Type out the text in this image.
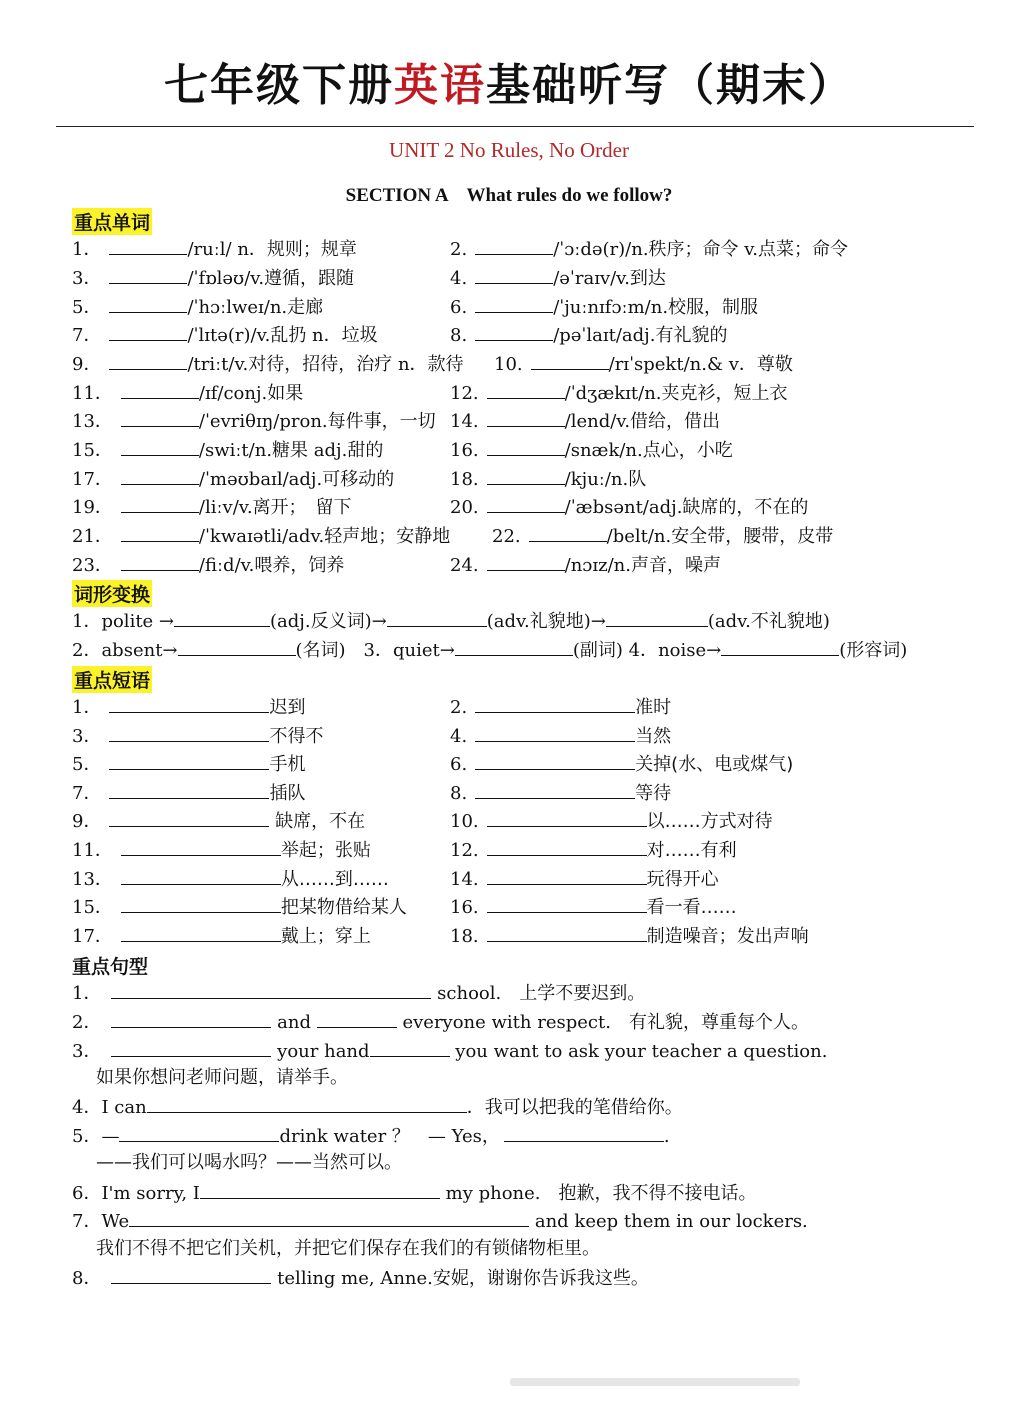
七年级下册英语基础听写（期末）
UNIT 2 No Rules, No Order
SECTION A　What rules do we follow?
重点单词
1．	/ruːl/ n．规则；规章	2.	/ˈɔːdə(r)/n.秩序；命令 v.点菜；命令
3．	/ˈfɒləʊ/v.遵循，跟随	4.	/əˈraɪv/v.到达
5．	/ˈhɔːlweɪ/n.走廊	6.	/ˈjuːnɪfɔːm/n.校服，制服
7．	/ˈlɪtə(r)/v.乱扔 n．垃圾	8.	/pəˈlaɪt/adj.有礼貌的
9．	/triːt/v.对待，招待，治疗 n．款待 10.	/rɪˈspekt/n.& v．尊敬
11．	/ɪf/conj.如果	12.	/ˈdʒækɪt/n.夹克衫，短上衣
13．	/ˈevriθɪŋ/pron.每件事，一切 14.	/lend/v.借给，借出
15．	/swiːt/n.糖果 adj.甜的	16.	/snæk/n.点心，小吃
17．	/ˈməʊbaɪl/adj.可移动的	18.	/kjuː/n.队
19．	/liːv/v.离开；　留下	20.	/ˈæbsənt/adj.缺席的，不在的
21．	/ˈkwaɪətli/adv.轻声地；安静地 22.	/belt/n.安全带，腰带，皮带
23．	/fiːd/v.喂养，饲养	24.	/nɔɪz/n.声音，噪声
词形变换
1．polite →	(adj.反义词)→	(adv.礼貌地)→	(adv.不礼貌地)
2．absent→	(名词)　3．quiet→	(副词) 4．noise→	(形容词)
重点短语
1．	迟到	2.	准时
3．	不得不	4.	当然
5．	手机	6.	关掉(水、电或煤气)
7．	插队	8.	等待
9．	缺席，不在	10.	以……方式对待
11．	举起；张贴	12.	对……有利
13．	从……到……	14.	玩得开心
15．	把某物借给某人 16.	看一看……
17．	戴上；穿上	18.	制造噪音；发出声响
重点句型
1．	school.　上学不要迟到。
2．	and	everyone with respect.　有礼貌，尊重每个人。
3．	your hand	you want to ask your teacher a question.
如果你想问老师问题，请举手。
4．I can	．我可以把我的笔借给你。
5．—	drink water ？　— Yes，	.
——我们可以喝水吗？——当然可以。
6．I'm sorry, I	my phone.　抱歉，我不得不接电话。
7．We	and keep them in our lockers.
我们不得不把它们关机，并把它们保存在我们的有锁储物柜里。
8．	telling me, Anne.安妮，谢谢你告诉我这些。
